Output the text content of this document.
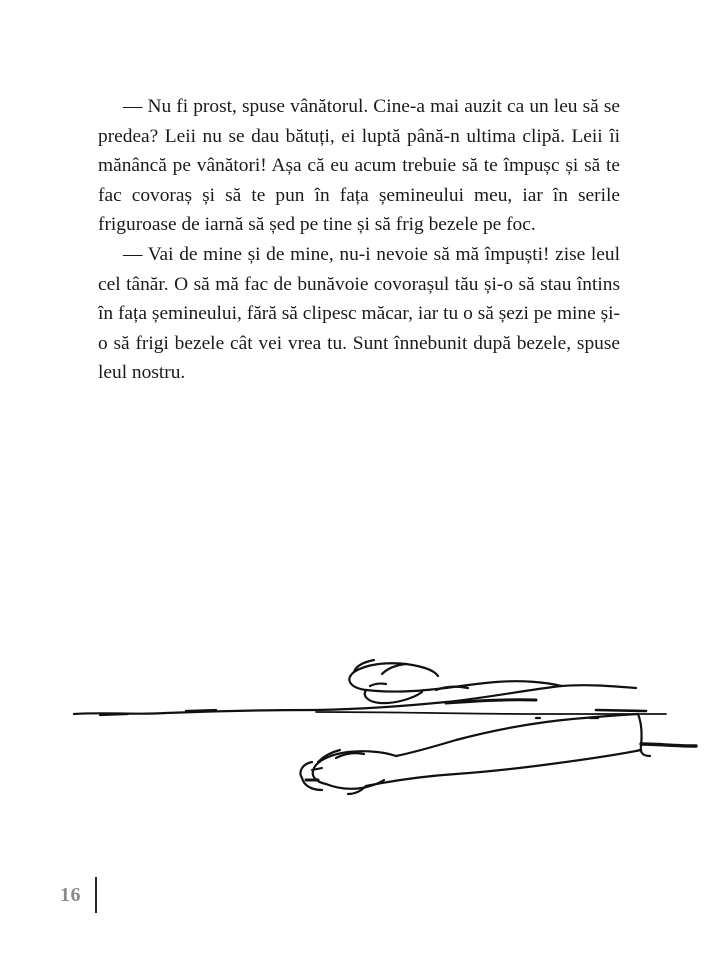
— Nu fi prost, spuse vânătorul. Cine-a mai auzit ca un leu să se predea? Leii nu se dau bătuți, ei luptă până-n ultima clipă. Leii îi mănâncă pe vânători! Așa că eu acum trebuie să te împușc și să te fac covoraș și să te pun în fața șemineului meu, iar în serile friguroase de iarnă să șed pe tine și să frig bezele pe foc.

— Vai de mine și de mine, nu-i nevoie să mă împuști! zise leul cel tânăr. O să mă fac de bunăvoie covorașul tău și-o să stau întins în fața șemineului, fără să clipesc măcar, iar tu o să șezi pe mine și-o să frigi bezele cât vei vrea tu. Sunt înnebunit după bezele, spuse leul nostru.

16
